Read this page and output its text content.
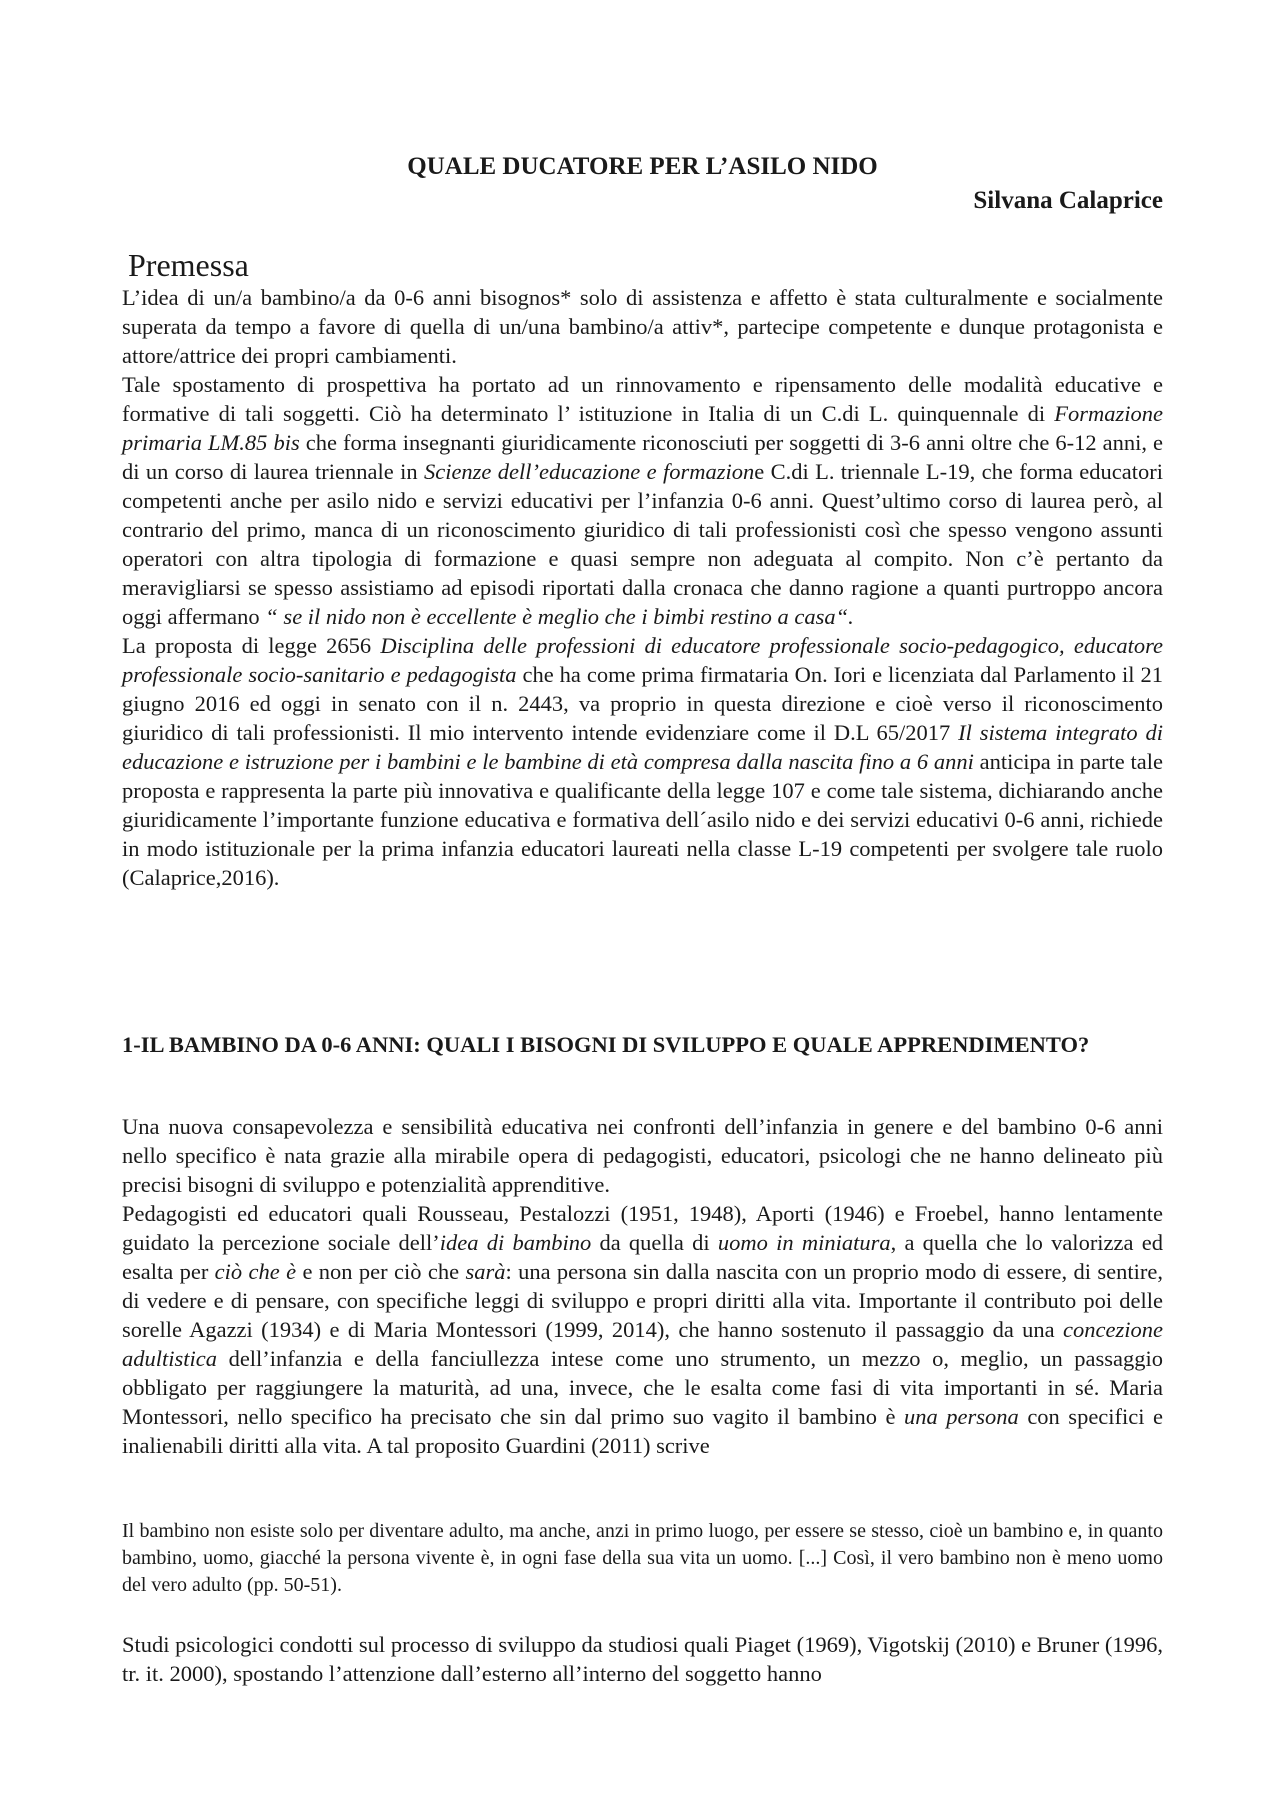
QUALE DUCATORE PER L’ASILO NIDO
Silvana Calaprice
Premessa

L’idea di un/a bambino/a da 0-6 anni bisognos* solo di assistenza e affetto è stata culturalmente e socialmente superata da tempo a favore di quella di un/una bambino/a attiv*, partecipe competente e dunque protagonista e attore/attrice dei propri cambiamenti.

Tale spostamento di prospettiva ha portato ad un rinnovamento e ripensamento delle modalità educative e formative di tali soggetti. Ciò ha determinato l’ istituzione in Italia di un C.di L. quinquennale di Formazione primaria LM.85 bis che forma insegnanti giuridicamente riconosciuti per soggetti di 3-6 anni oltre che 6-12 anni, e di un corso di laurea triennale in Scienze dell’educazione e formazione C.di L. triennale L-19, che forma educatori competenti anche per asilo nido e servizi educativi per l’infanzia 0-6 anni. Quest’ultimo corso di laurea però, al contrario del primo, manca di un riconoscimento giuridico di tali professionisti così che spesso vengono assunti operatori con altra tipologia di formazione e quasi sempre non adeguata al compito. Non c’è pertanto da meravigliarsi se spesso assistiamo ad episodi riportati dalla cronaca che danno ragione a quanti purtroppo ancora oggi affermano “ se il nido non è eccellente è meglio che i bimbi restino a casa“.

La proposta di legge 2656 Disciplina delle professioni di educatore professionale socio-pedagogico, educatore professionale socio-sanitario e pedagogista che ha come prima firmataria On. Iori e licenziata dal Parlamento il 21 giugno 2016 ed oggi in senato con il n. 2443, va proprio in questa direzione e cioè verso il riconoscimento giuridico di tali professionisti. Il mio intervento intende evidenziare come il D.L 65/2017 Il sistema integrato di educazione e istruzione per i bambini e le bambine di età compresa dalla nascita fino a 6 anni anticipa in parte tale proposta e rappresenta la parte più innovativa e qualificante della legge 107 e come tale sistema, dichiarando anche giuridicamente l’importante funzione educativa e formativa dell´asilo nido e dei servizi educativi 0-6 anni, richiede in modo istituzionale per la prima infanzia educatori laureati nella classe L-19 competenti per svolgere tale ruolo (Calaprice,2016).

1-IL BAMBINO DA 0-6 ANNI: QUALI I BISOGNI DI SVILUPPO E QUALE APPRENDIMENTO?

Una nuova consapevolezza e sensibilità educativa nei confronti dell’infanzia in genere e del bambino 0-6 anni nello specifico è nata grazie alla mirabile opera di pedagogisti, educatori, psicologi che ne hanno delineato più precisi bisogni di sviluppo e potenzialità apprenditive.

Pedagogisti ed educatori quali Rousseau, Pestalozzi (1951, 1948), Aporti (1946) e Froebel, hanno lentamente guidato la percezione sociale dell’idea di bambino da quella di uomo in miniatura, a quella che lo valorizza ed esalta per ciò che è e non per ciò che sarà: una persona sin dalla nascita con un proprio modo di essere, di sentire, di vedere e di pensare, con specifiche leggi di sviluppo e propri diritti alla vita. Importante il contributo poi delle sorelle Agazzi (1934) e di Maria Montessori (1999, 2014), che hanno sostenuto il passaggio da una concezione adultistica dell’infanzia e della fanciullezza intese come uno strumento, un mezzo o, meglio, un passaggio obbligato per raggiungere la maturità, ad una, invece, che le esalta come fasi di vita importanti in sé. Maria Montessori, nello specifico ha precisato che sin dal primo suo vagito il bambino è una persona con specifici e inalienabili diritti alla vita. A tal proposito Guardini (2011) scrive

Il bambino non esiste solo per diventare adulto, ma anche, anzi in primo luogo, per essere se stesso, cioè un bambino e, in quanto bambino, uomo, giacché la persona vivente è, in ogni fase della sua vita un uomo. [...] Così, il vero bambino non è meno uomo del vero adulto (pp. 50-51).

Studi psicologici condotti sul processo di sviluppo da studiosi quali Piaget (1969), Vigotskij (2010) e Bruner (1996, tr. it. 2000), spostando l’attenzione dall’esterno all’interno del soggetto hanno
